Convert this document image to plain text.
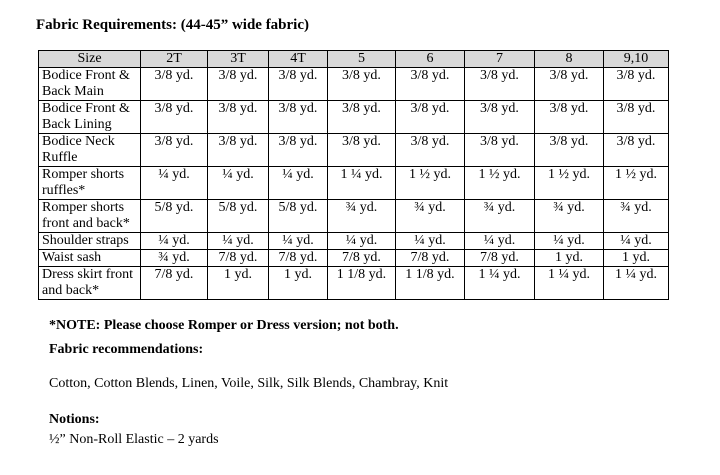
Fabric Requirements: (44-45” wide fabric)
Size	2T	3T	4T	5	6	7	8	9,10
Bodice Front & Back Main	3/8 yd.	3/8 yd.	3/8 yd.	3/8 yd.	3/8 yd.	3/8 yd.	3/8 yd.	3/8 yd.
Bodice Front & Back Lining	3/8 yd.	3/8 yd.	3/8 yd.	3/8 yd.	3/8 yd.	3/8 yd.	3/8 yd.	3/8 yd.
Bodice Neck Ruffle	3/8 yd.	3/8 yd.	3/8 yd.	3/8 yd.	3/8 yd.	3/8 yd.	3/8 yd.	3/8 yd.
Romper shorts ruffles*	¼ yd.	¼ yd.	¼ yd.	1 ¼ yd.	1 ½ yd.	1 ½ yd.	1 ½ yd.	1 ½ yd.
Romper shorts front and back*	5/8 yd.	5/8 yd.	5/8 yd.	¾ yd.	¾ yd.	¾ yd.	¾ yd.	¾ yd.
Shoulder straps	¼ yd.	¼ yd.	¼ yd.	¼ yd.	¼ yd.	¼ yd.	¼ yd.	¼ yd.
Waist sash	¾ yd.	7/8 yd.	7/8 yd.	7/8 yd.	7/8 yd.	7/8 yd.	1 yd.	1 yd.
Dress skirt front and back*	7/8 yd.	1 yd.	1 yd.	1 1/8 yd.	1 1/8 yd.	1 ¼ yd.	1 ¼ yd.	1 ¼ yd.
*NOTE: Please choose Romper or Dress version; not both.
Fabric recommendations:
Cotton, Cotton Blends, Linen, Voile, Silk, Silk Blends, Chambray, Knit
Notions:
½” Non-Roll Elastic – 2 yards
